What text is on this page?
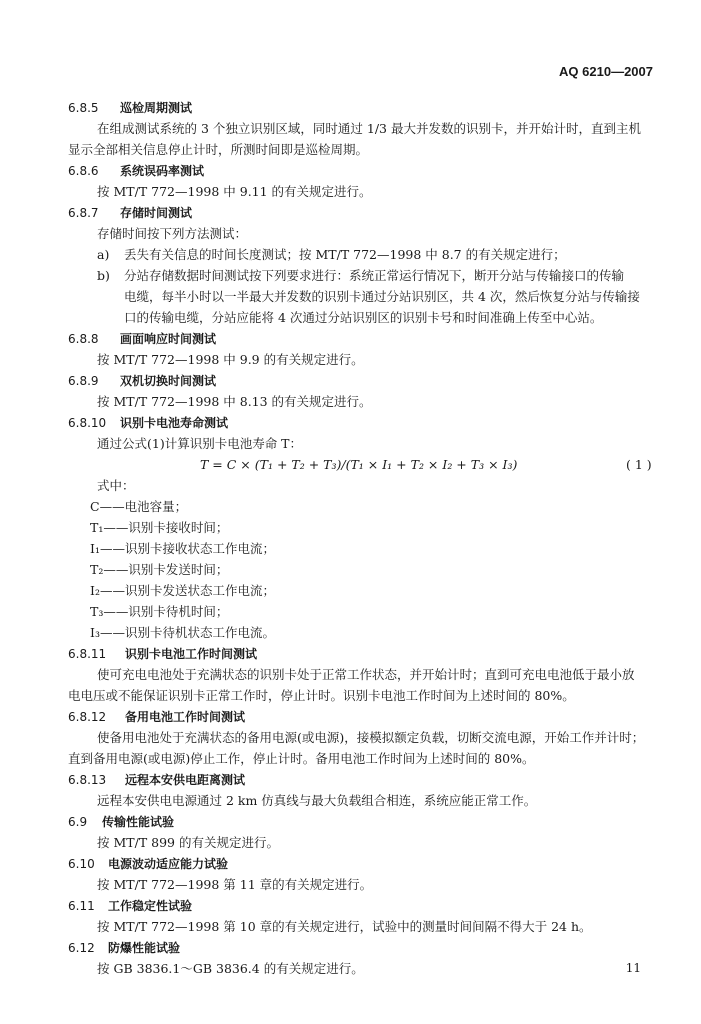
AQ 6210—2007
6.8.5 巡检周期测试
在组成测试系统的 3 个独立识别区域，同时通过 1/3 最大并发数的识别卡，并开始计时，直到主机
显示全部相关信息停止计时，所测时间即是巡检周期。
6.8.6 系统误码率测试
按 MT/T 772—1998 中 9.11 的有关规定进行。
6.8.7 存储时间测试
存储时间按下列方法测试：
a) 丢失有关信息的时间长度测试；按 MT/T 772—1998 中 8.7 的有关规定进行；
b) 分站存储数据时间测试按下列要求进行：系统正常运行情况下，断开分站与传输接口的传输
电缆，每半小时以一半最大并发数的识别卡通过分站识别区，共 4 次，然后恢复分站与传输接
口的传输电缆，分站应能将 4 次通过分站识别区的识别卡号和时间准确上传至中心站。
6.8.8 画面响应时间测试
按 MT/T 772—1998 中 9.9 的有关规定进行。
6.8.9 双机切换时间测试
按 MT/T 772—1998 中 8.13 的有关规定进行。
6.8.10 识别卡电池寿命测试
通过公式(1)计算识别卡电池寿命 T：
T = C × (T₁ + T₂ + T₃)/(T₁ × I₁ + T₂ × I₂ + T₃ × I₃)	( 1 )
式中：
C——电池容量；
T₁——识别卡接收时间；
I₁——识别卡接收状态工作电流；
T₂——识别卡发送时间；
I₂——识别卡发送状态工作电流；
T₃——识别卡待机时间；
I₃——识别卡待机状态工作电流。
6.8.11 识别卡电池工作时间测试
使可充电电池处于充满状态的识别卡处于正常工作状态，并开始计时；直到可充电电池低于最小放
电电压或不能保证识别卡正常工作时，停止计时。识别卡电池工作时间为上述时间的 80%。
6.8.12 备用电池工作时间测试
使备用电池处于充满状态的备用电源(或电源)，接模拟额定负载，切断交流电源，开始工作并计时；
直到备用电源(或电源)停止工作，停止计时。备用电池工作时间为上述时间的 80%。
6.8.13 远程本安供电距离测试
远程本安供电电源通过 2 km 仿真线与最大负载组合相连，系统应能正常工作。
6.9 传输性能试验
按 MT/T 899 的有关规定进行。
6.10 电源波动适应能力试验
按 MT/T 772—1998 第 11 章的有关规定进行。
6.11 工作稳定性试验
按 MT/T 772—1998 第 10 章的有关规定进行，试验中的测量时间间隔不得大于 24 h。
6.12 防爆性能试验
按 GB 3836.1～GB 3836.4 的有关规定进行。	11
